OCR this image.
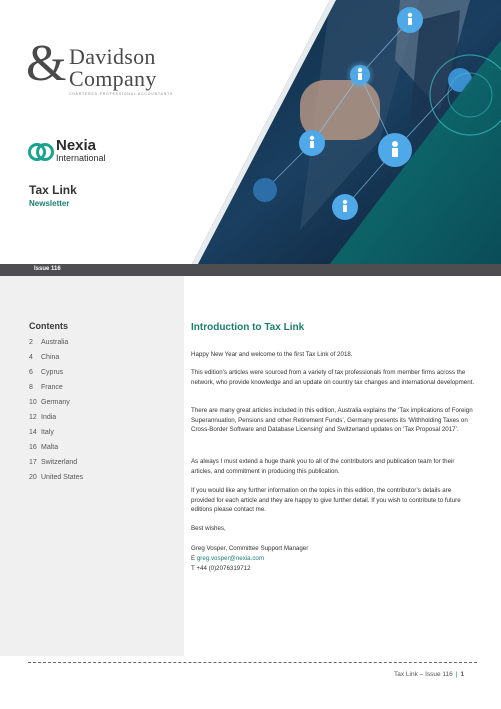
& Davidson
Company
CHARTERED PROFESSIONAL ACCOUNTANTS
Nexia
International
Tax Link
Newsletter
Issue 116
Contents
2 Australia
4 China
6 Cyprus
8 France
10 Germany
12 India
14 Italy
16 Malta
17 Switzerland
20 United States
Introduction to Tax Link

Happy New Year and welcome to the first Tax Link of 2018.

This edition’s articles were sourced from a variety of tax professionals from member firms across the network, who provide knowledge and an update on country tax changes and international development.

There are many great articles included in this edition, Australia explains the ‘Tax implications of Foreign Superannuation, Pensions and other Retirement Funds’, Germany presents its ‘Withholding Taxes on Cross-Border Software and Database Licensing’ and Switzerland updates on ‘Tax Proposal 2017’.

As always I must extend a huge thank you to all of the contributors and publication team for their articles, and commitment in producing this publication.

If you would like any further information on the topics in this edition, the contributor’s details are provided for each article and they are happy to give further detail. If you wish to contribute to future editions please contact me.

Best wishes,

Greg Vosper, Committee Support Manager

E greg.vosper@nexia.com

T +44 (0)2076319712

Tax Link – Issue 116 | 1
